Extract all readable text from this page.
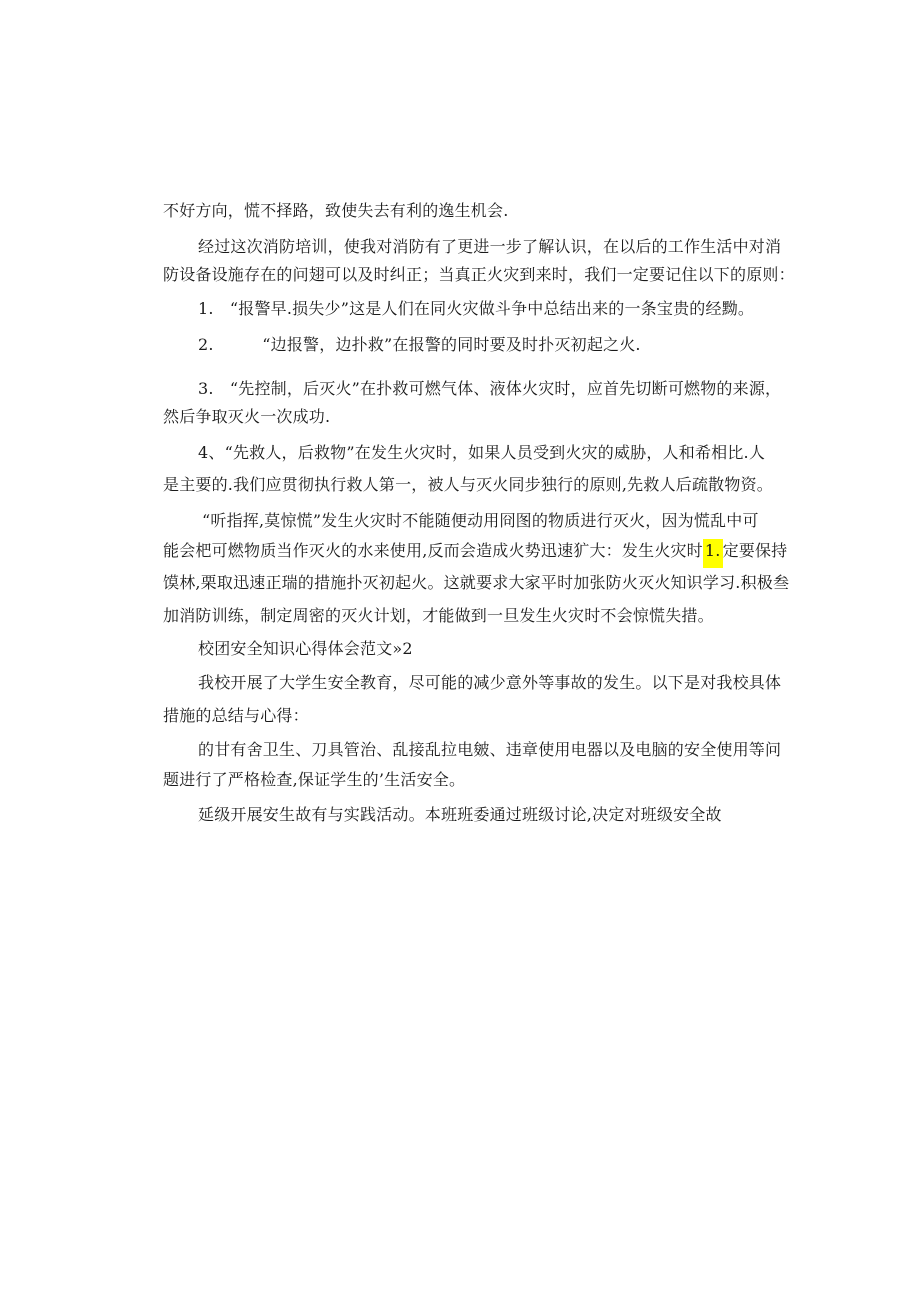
不好方向，慌不择路，致使失去有利的逸生机会.
经过这次消防培训，使我对消防有了更进一步了解认识，在以后的工作生活中对消
防设备设施存在的问翅可以及时纠正；当真正火灾到来时，我们一定要记住以下的原则：
1.　“报警早.损失少”这是人们在同火灾做斗争中总结出来的一条宝贵的经黝。
2.　　　“边报警，边扑救”在报警的同时要及时扑灭初起之火.
3.　“先控制，后灭火”在扑救可燃气体、液体火灾时，应首先切断可燃物的来源，
然后争取灭火一次成功.
4、“先救人，后救物”在发生火灾时，如果人员受到火灾的威胁，人和希相比.人
是主要的.我们应贯彻执行救人第一，被人与灭火同步独行的原则,先救人后疏散物资。
“听指挥,莫惊慌”发生火灾时不能随便动用冏图的物质进行灭火，因为慌乱中可
能会杷可燃物质当作灭火的水来使用,反而会造成火势迅速犷大：发生火灾时 1. 定要保持
馍林,栗取迅速正瑞的措施扑灭初起火。这就要求大家平时加张防火灭火知识学习.积极叁
加消防训练，制定周密的灭火计划，才能做到一旦发生火灾时不会惊慌失措。
校团安全知识心得体会范文»2
我校开展了大学生安全教育，尽可能的减少意外等事故的发生。以下是对我校具体
措施的总结与心得：
的甘有舍卫生、刀具管治、乱接乱拉电皴、违章使用电器以及电脑的安全使用等问
题进行了严格检查,保证学生的’生活安全。
延级开展安生故有与实践活动。本班班委通过班级讨论,决定对班级安全故
